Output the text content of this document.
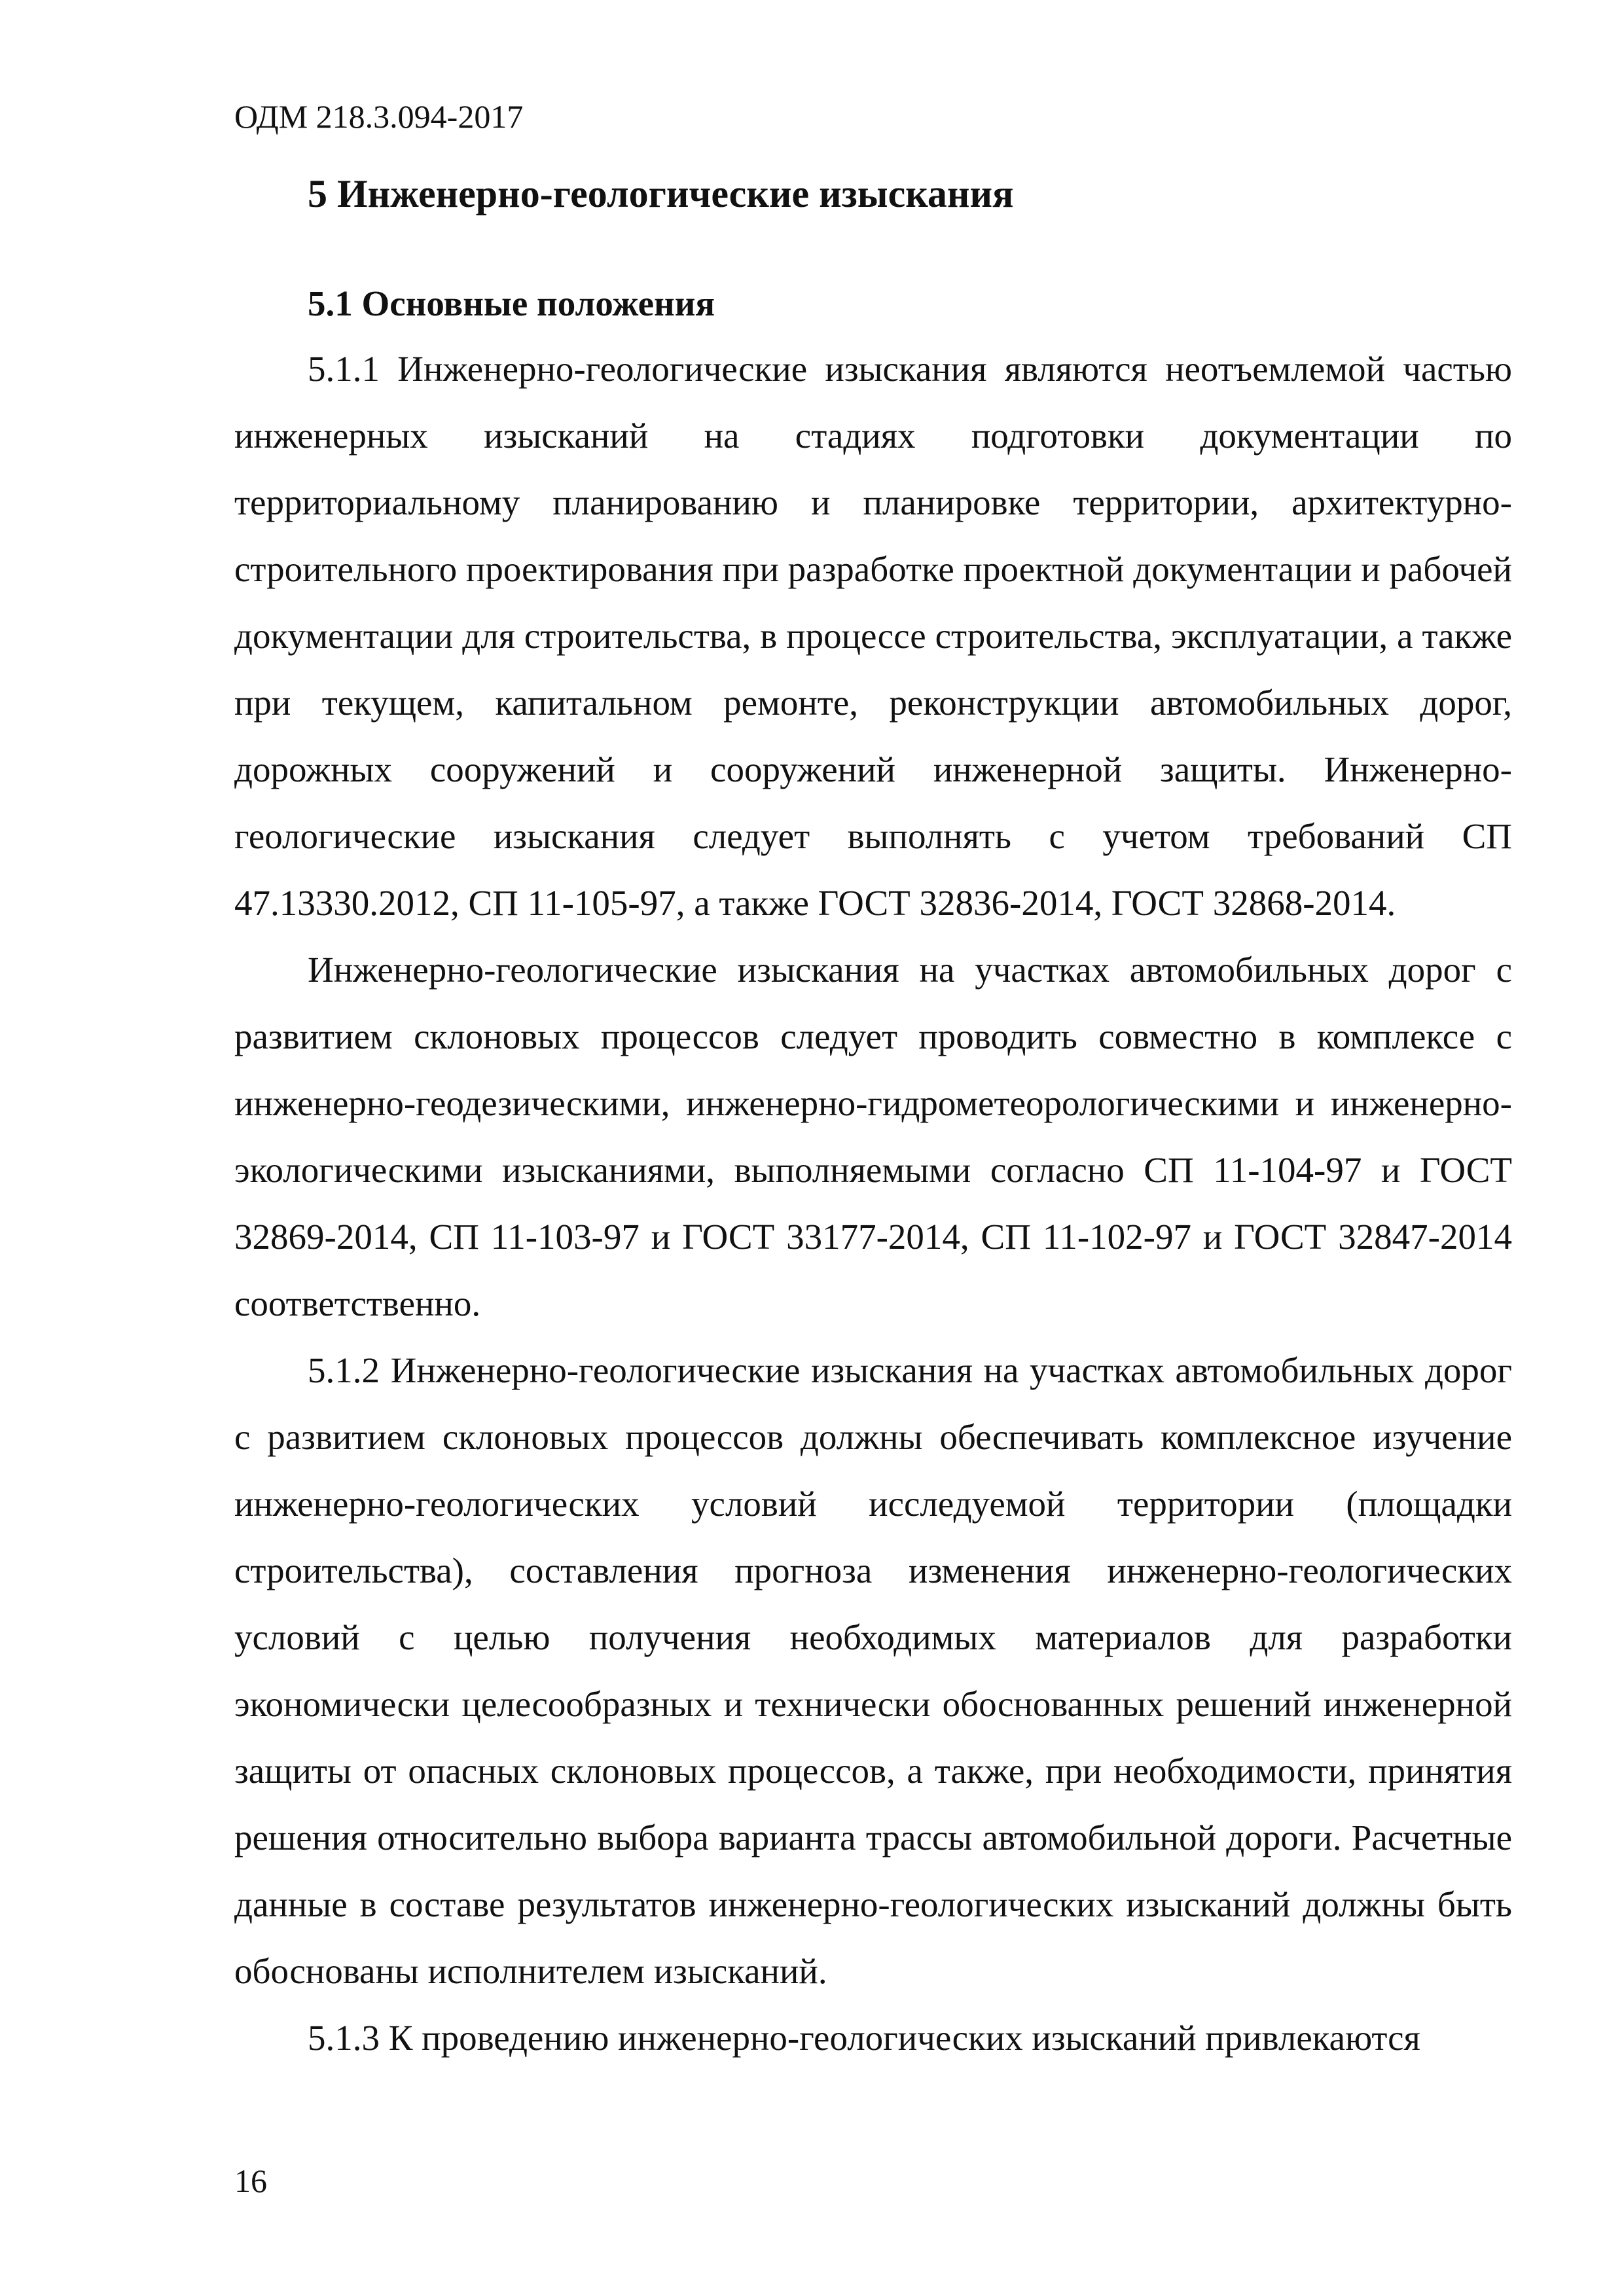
ОДМ 218.3.094-2017
5 Инженерно-геологические изыскания
5.1 Основные положения

5.1.1 Инженерно-геологические изыскания являются неотъемлемой частью инженерных изысканий на стадиях подготовки документации по территориальному планированию и планировке территории, архитектурно-строительного проектирования при разработке проектной документации и рабочей документации для строительства, в процессе строительства, эксплуатации, а также при текущем, капитальном ремонте, реконструкции автомобильных дорог, дорожных сооружений и сооружений инженерной защиты. Инженерно-геологические изыскания следует выполнять с учетом требований СП 47.13330.2012, СП 11-105-97, а также ГОСТ 32836-2014, ГОСТ 32868-2014.

Инженерно-геологические изыскания на участках автомобильных дорог с развитием склоновых процессов следует проводить совместно в комплексе с инженерно-геодезическими, инженерно-гидрометеорологическими и инженерно-экологическими изысканиями, выполняемыми согласно СП 11-104-97 и ГОСТ 32869-2014, СП 11-103-97 и ГОСТ 33177-2014, СП 11-102-97 и ГОСТ 32847-2014 соответственно.

5.1.2 Инженерно-геологические изыскания на участках автомобильных дорог с развитием склоновых процессов должны обеспечивать комплексное изучение инженерно-геологических условий исследуемой территории (площадки строительства), составления прогноза изменения инженерно-геологических условий с целью получения необходимых материалов для разработки экономически целесообразных и технически обоснованных решений инженерной защиты от опасных склоновых процессов, а также, при необходимости, принятия решения относительно выбора варианта трассы автомобильной дороги. Расчетные данные в составе результатов инженерно-геологических изысканий должны быть обоснованы исполнителем изысканий.

5.1.3 К проведению инженерно-геологических изысканий привлекаются

16
